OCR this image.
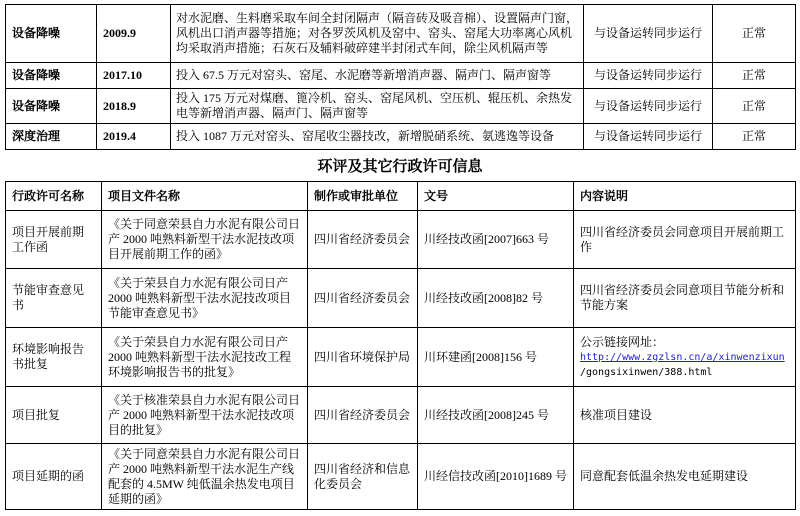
设备降噪	2009.9	对水泥磨、生料磨采取车间全封闭隔声（隔音砖及吸音棉）、设置隔声门窗，风机出口消声器等措施；对各罗茨风机及窑中、窑头、窑尾大功率离心风机均采取消声措施；石灰石及辅料破碎建半封闭式车间，除尘风机隔声等	与设备运转同步运行	正常
设备降噪	2017.10	投入 67.5 万元对窑头、窑尾、水泥磨等新增消声器、隔声门、隔声窗等	与设备运转同步运行	正常
设备降噪	2018.9	投入 175 万元对煤磨、篦冷机、窑头、窑尾风机、空压机、辊压机、余热发电等新增消声器、隔声门、隔声窗等	与设备运转同步运行	正常
深度治理	2019.4	投入 1087 万元对窑头、窑尾收尘器技改，新增脱硝系统、氨逃逸等设备	与设备运转同步运行	正常
环评及其它行政许可信息
行政许可名称	项目文件名称	制作或审批单位	文号	内容说明
项目开展前期工作函	《关于同意荣县自力水泥有限公司日产 2000 吨熟料新型干法水泥技改项目开展前期工作的函》	四川省经济委员会	川经技改函[2007]663 号	四川省经济委员会同意项目开展前期工作
节能审查意见书	《关于荣县自力水泥有限公司日产 2000 吨熟料新型干法水泥技改项目节能审查意见书》	四川省经济委员会	川经技改函[2008]82 号	四川省经济委员会同意项目节能分析和节能方案
环境影响报告书批复	《关于荣县自力水泥有限公司日产 2000 吨熟料新型干法水泥技改工程环境影响报告书的批复》	四川省环境保护局	川环建函[2008]156 号	公示链接网址：
http://www.zgzlsn.cn/a/xinwenzixun
/gongsixinwen/388.html

项目批复	《关于核准荣县自力水泥有限公司日产 2000 吨熟料新型干法水泥技改项目的批复》	四川省经济委员会	川经技改函[2008]245 号	核准项目建设
项目延期的函	《关于同意荣县自力水泥有限公司日产 2000 吨熟料新型干法水泥生产线配套的 4.5MW 纯低温余热发电项目延期的函》	四川省经济和信息化委员会	川经信技改函[2010]1689 号	同意配套低温余热发电延期建设
